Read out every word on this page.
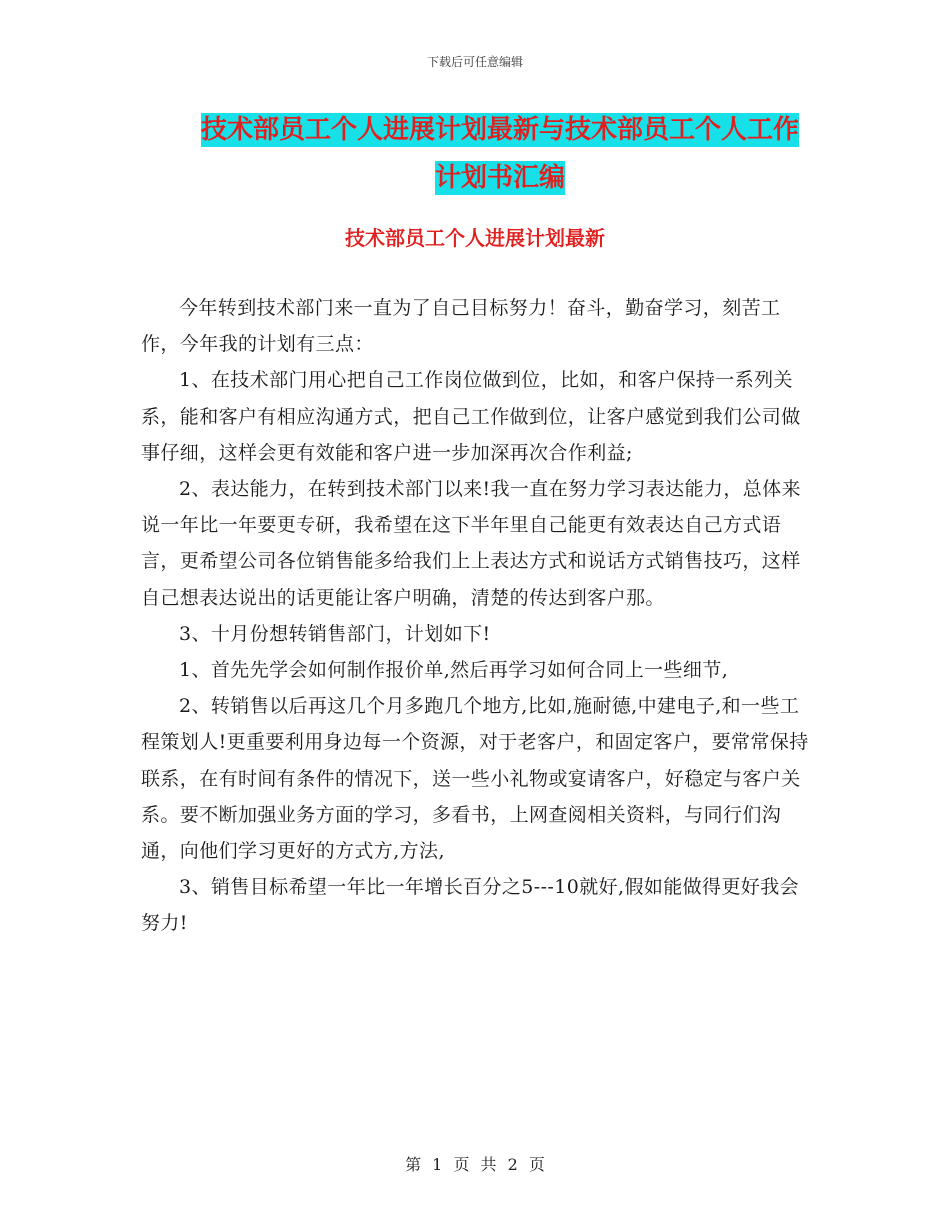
下载后可任意编辑
技术部员工个人进展计划最新与技术部员工个人工作
计划书汇编
技术部员工个人进展计划最新

今年转到技术部门来一直为了自己目标努力！奋斗，勤奋学习，刻苦工作，今年我的计划有三点：

1、在技术部门用心把自己工作岗位做到位，比如，和客户保持一系列关系，能和客户有相应沟通方式，把自己工作做到位，让客户感觉到我们公司做事仔细，这样会更有效能和客户进一步加深再次合作利益;

2、表达能力，在转到技术部门以来!我一直在努力学习表达能力，总体来说一年比一年要更专研，我希望在这下半年里自己能更有效表达自己方式语言，更希望公司各位销售能多给我们上上表达方式和说话方式销售技巧，这样自己想表达说出的话更能让客户明确，清楚的传达到客户那。

3、十月份想转销售部门，计划如下!

1、首先先学会如何制作报价单,然后再学习如何合同上一些细节,

2、转销售以后再这几个月多跑几个地方,比如,施耐德,中建电子,和一些工程策划人!更重要利用身边每一个资源，对于老客户，和固定客户，要常常保持联系，在有时间有条件的情况下，送一些小礼物或宴请客户，好稳定与客户关系。要不断加强业务方面的学习，多看书，上网查阅相关资料，与同行们沟通，向他们学习更好的方式方,方法,

3、销售目标希望一年比一年增长百分之5---10就好,假如能做得更好我会努力!

第 1 页 共 2 页
